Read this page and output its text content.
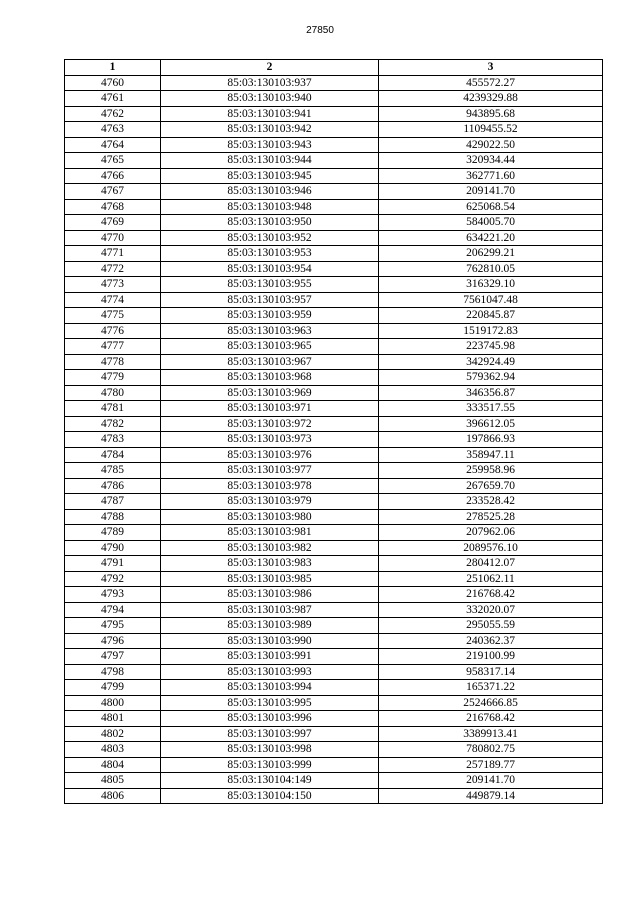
27850
1	2	3
4760	85:03:130103:937	455572.27
4761	85:03:130103:940	4239329.88
4762	85:03:130103:941	943895.68
4763	85:03:130103:942	1109455.52
4764	85:03:130103:943	429022.50
4765	85:03:130103:944	320934.44
4766	85:03:130103:945	362771.60
4767	85:03:130103:946	209141.70
4768	85:03:130103:948	625068.54
4769	85:03:130103:950	584005.70
4770	85:03:130103:952	634221.20
4771	85:03:130103:953	206299.21
4772	85:03:130103:954	762810.05
4773	85:03:130103:955	316329.10
4774	85:03:130103:957	7561047.48
4775	85:03:130103:959	220845.87
4776	85:03:130103:963	1519172.83
4777	85:03:130103:965	223745.98
4778	85:03:130103:967	342924.49
4779	85:03:130103:968	579362.94
4780	85:03:130103:969	346356.87
4781	85:03:130103:971	333517.55
4782	85:03:130103:972	396612.05
4783	85:03:130103:973	197866.93
4784	85:03:130103:976	358947.11
4785	85:03:130103:977	259958.96
4786	85:03:130103:978	267659.70
4787	85:03:130103:979	233528.42
4788	85:03:130103:980	278525.28
4789	85:03:130103:981	207962.06
4790	85:03:130103:982	2089576.10
4791	85:03:130103:983	280412.07
4792	85:03:130103:985	251062.11
4793	85:03:130103:986	216768.42
4794	85:03:130103:987	332020.07
4795	85:03:130103:989	295055.59
4796	85:03:130103:990	240362.37
4797	85:03:130103:991	219100.99
4798	85:03:130103:993	958317.14
4799	85:03:130103:994	165371.22
4800	85:03:130103:995	2524666.85
4801	85:03:130103:996	216768.42
4802	85:03:130103:997	3389913.41
4803	85:03:130103:998	780802.75
4804	85:03:130103:999	257189.77
4805	85:03:130104:149	209141.70
4806	85:03:130104:150	449879.14
